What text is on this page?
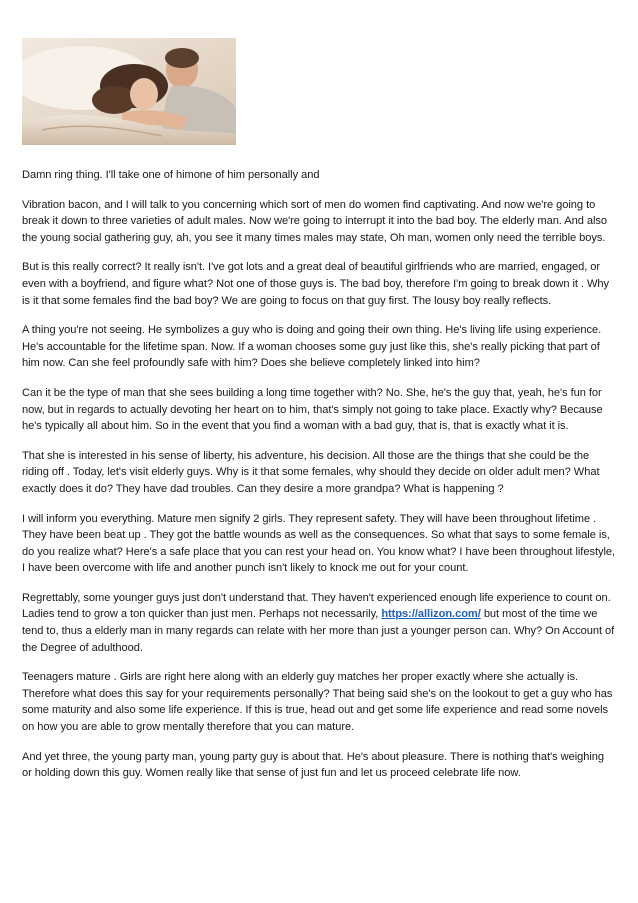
Damn ring thing. I'll take one of himone of him personally and

Vibration bacon, and I will talk to you concerning which sort of men do women find captivating. And now we're going to break it down to three varieties of adult males. Now we're going to interrupt it into the bad boy. The elderly man. And also the young social gathering guy, ah, you see it many times males may state, Oh man, women only need the terrible boys.

But is this really correct? It really isn't. I've got lots and a great deal of beautiful girlfriends who are married, engaged, or even with a boyfriend, and figure what? Not one of those guys is. The bad boy, therefore I'm going to break down it . Why is it that some females find the bad boy? We are going to focus on that guy first. The lousy boy really reflects.

A thing you're not seeing. He symbolizes a guy who is doing and going their own thing. He's living life using experience. He's accountable for the lifetime span. Now. If a woman chooses some guy just like this, she's really picking that part of him now. Can she feel profoundly safe with him? Does she believe completely linked into him?

Can it be the type of man that she sees building a long time together with? No. She, he's the guy that, yeah, he's fun for now, but in regards to actually devoting her heart on to him, that's simply not going to take place. Exactly why? Because he's typically all about him. So in the event that you find a woman with a bad guy, that is, that is exactly what it is.

That she is interested in his sense of liberty, his adventure, his decision. All those are the things that she could be the riding off . Today, let's visit elderly guys. Why is it that some females, why should they decide on older adult men? What exactly does it do? They have dad troubles. Can they desire a more grandpa? What is happening ?

I will inform you everything. Mature men signify 2 girls. They represent safety. They will have been throughout lifetime . They have been beat up . They got the battle wounds as well as the consequences. So what that says to some female is, do you realize what? Here's a safe place that you can rest your head on. You know what? I have been throughout lifestyle, I have been overcome with life and another punch isn't likely to knock me out for your count.

Regrettably, some younger guys just don't understand that. They haven't experienced enough life experience to count on. Ladies tend to grow a ton quicker than just men. Perhaps not necessarily, https://allizon.com/ but most of the time we tend to, thus a elderly man in many regards can relate with her more than just a younger person can. Why? On Account of the Degree of adulthood.

Teenagers mature . Girls are right here along with an elderly guy matches her proper exactly where she actually is. Therefore what does this say for your requirements personally? That being said she's on the lookout to get a guy who has some maturity and also some life experience. If this is true, head out and get some life experience and read some novels on how you are able to grow mentally therefore that you can mature.

And yet three, the young party man, young party guy is about that. He's about pleasure. There is nothing that's weighing or holding down this guy. Women really like that sense of just fun and let us proceed celebrate life now.
